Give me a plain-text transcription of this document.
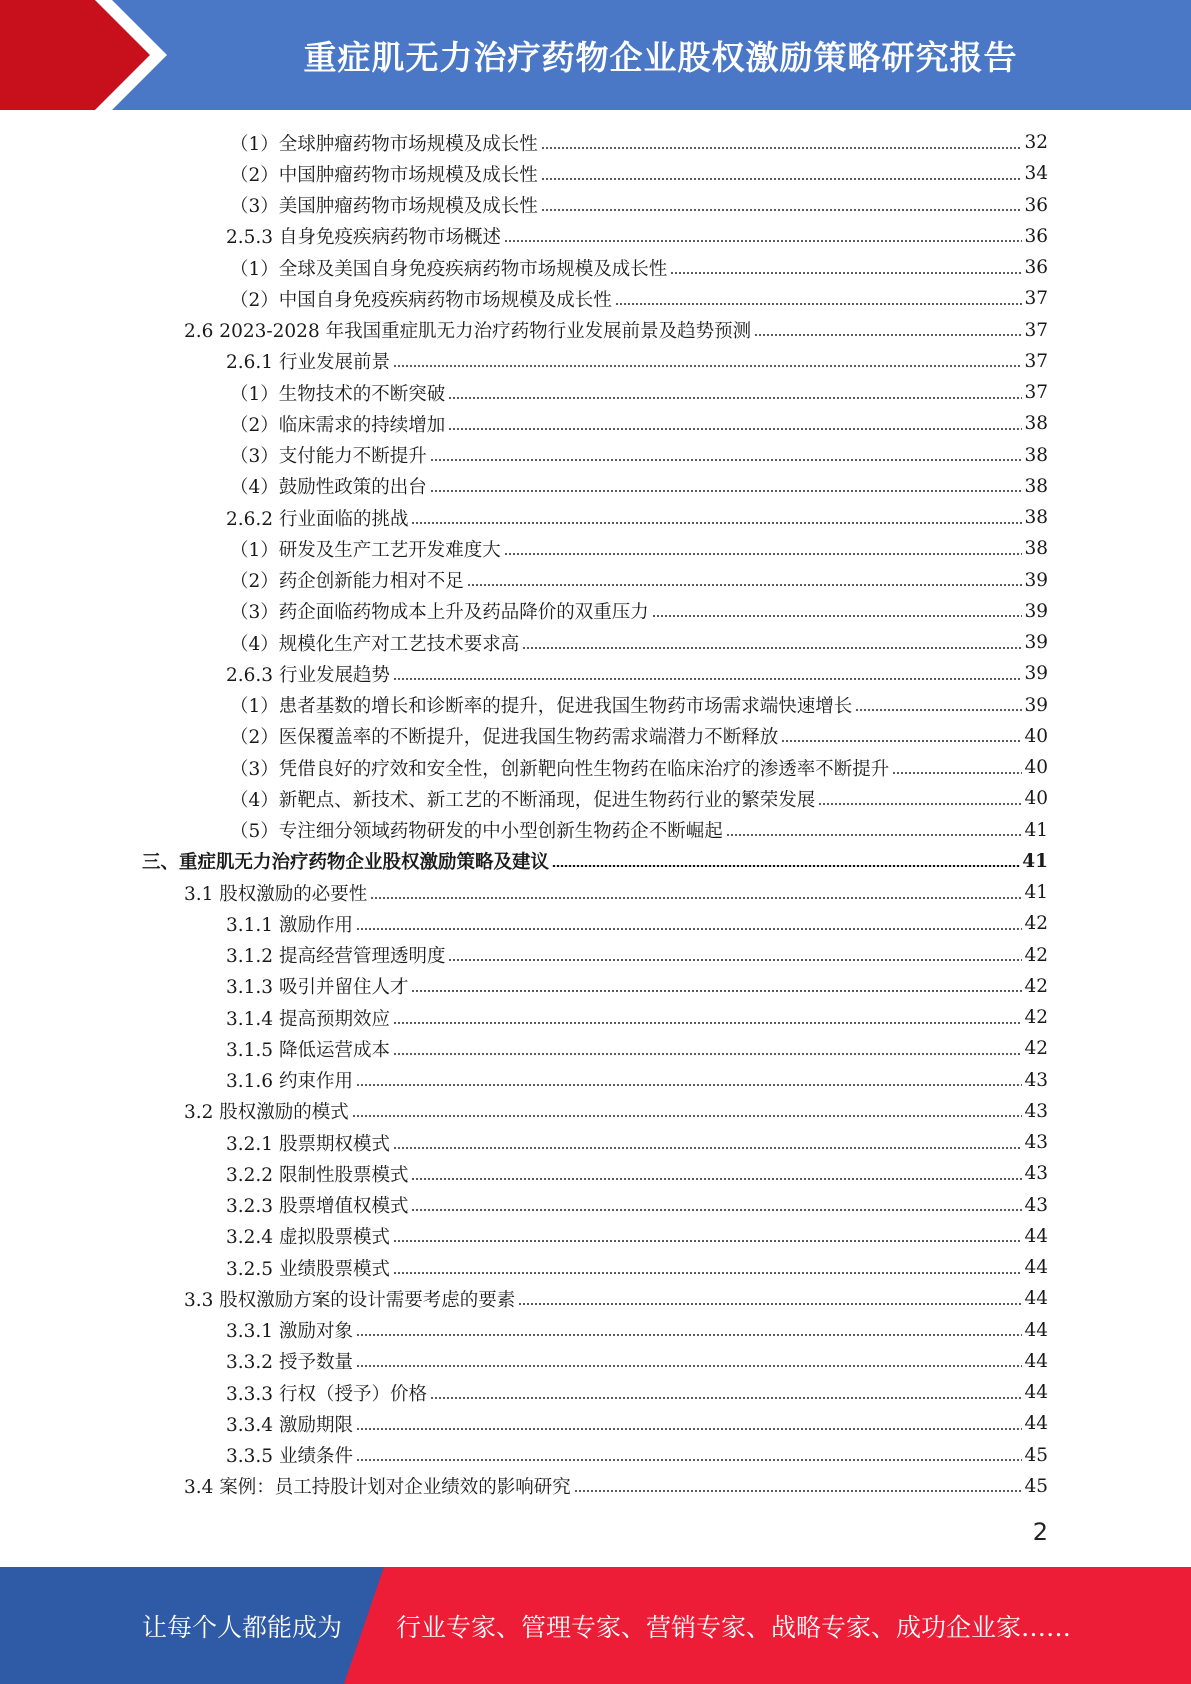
重症肌无力治疗药物企业股权激励策略研究报告
（1）全球肿瘤药物市场规模及成长性	32
（2）中国肿瘤药物市场规模及成长性	34
（3）美国肿瘤药物市场规模及成长性	36
2.5.3 自身免疫疾病药物市场概述	36
（1）全球及美国自身免疫疾病药物市场规模及成长性	36
（2）中国自身免疫疾病药物市场规模及成长性	37
2.6 2023-2028 年我国重症肌无力治疗药物行业发展前景及趋势预测	37
2.6.1 行业发展前景	37
（1）生物技术的不断突破	37
（2）临床需求的持续增加	38
（3）支付能力不断提升	38
（4）鼓励性政策的出台	38
2.6.2 行业面临的挑战	38
（1）研发及生产工艺开发难度大	38
（2）药企创新能力相对不足	39
（3）药企面临药物成本上升及药品降价的双重压力	39
（4）规模化生产对工艺技术要求高	39
2.6.3 行业发展趋势	39
（1）患者基数的增长和诊断率的提升，促进我国生物药市场需求端快速增长	39
（2）医保覆盖率的不断提升，促进我国生物药需求端潜力不断释放	40
（3）凭借良好的疗效和安全性，创新靶向性生物药在临床治疗的渗透率不断提升	40
（4）新靶点、新技术、新工艺的不断涌现，促进生物药行业的繁荣发展	40
（5）专注细分领域药物研发的中小型创新生物药企不断崛起	41
三、重症肌无力治疗药物企业股权激励策略及建议	41
3.1 股权激励的必要性	41
3.1.1 激励作用	42
3.1.2 提高经营管理透明度	42
3.1.3 吸引并留住人才	42
3.1.4 提高预期效应	42
3.1.5 降低运营成本	42
3.1.6 约束作用	43
3.2 股权激励的模式	43
3.2.1 股票期权模式	43
3.2.2 限制性股票模式	43
3.2.3 股票增值权模式	43
3.2.4 虚拟股票模式	44
3.2.5 业绩股票模式	44
3.3 股权激励方案的设计需要考虑的要素	44
3.3.1 激励对象	44
3.3.2 授予数量	44
3.3.3 行权（授予）价格	44
3.3.4 激励期限	44
3.3.5 业绩条件	45
3.4 案例：员工持股计划对企业绩效的影响研究	45
2
让每个人都能成为 行业专家、管理专家、营销专家、战略专家、成功企业家……
